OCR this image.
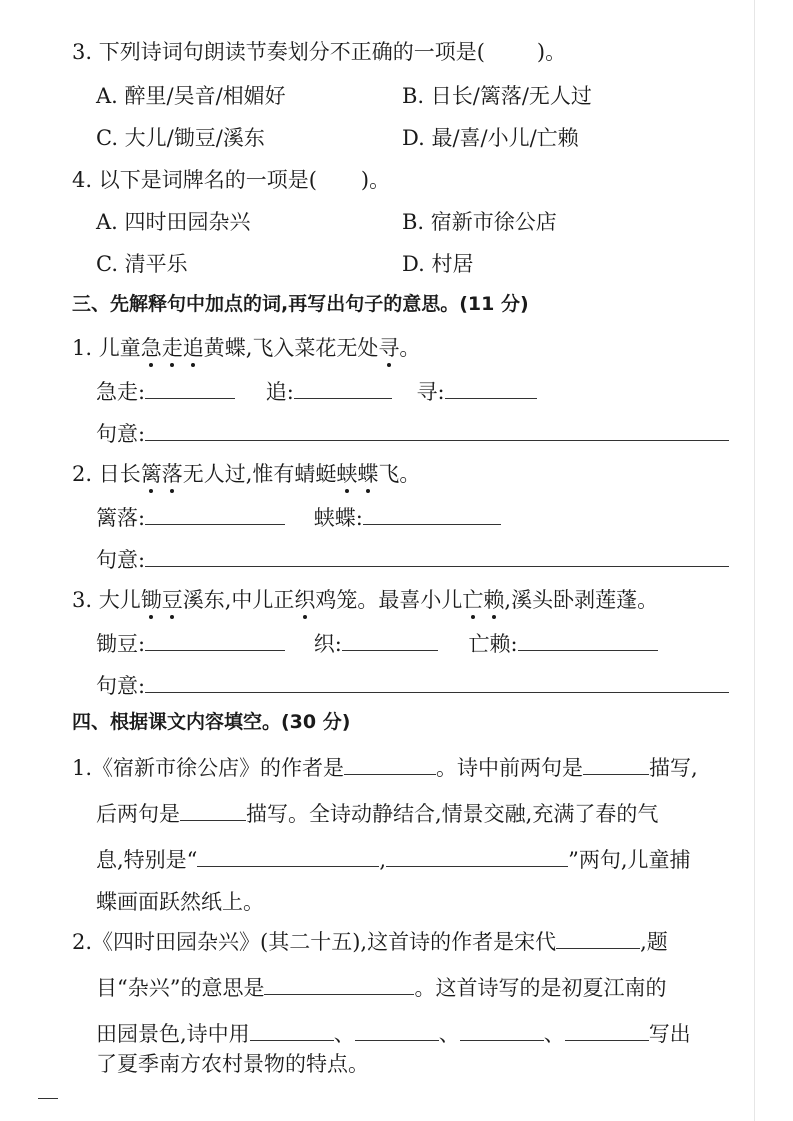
3. 下列诗词句朗读节奏划分不正确的一项是( )。
A. 醉里/吴音/相媚好	B. 日长/篱落/无人过
C. 大儿/锄豆/溪东	D. 最/喜/小儿/亡赖
4. 以下是词牌名的一项是( )。
A. 四时田园杂兴	B. 宿新市徐公店
C. 清平乐	D. 村居
三、先解释句中加点的词,再写出句子的意思。(11 分)
1. 儿童急走追黄蝶,飞入菜花无处寻。
急走:	追:	寻:
句意:
2. 日长篱落无人过,惟有蜻蜓蛱蝶飞。
篱落:	蛱蝶:
句意:
3. 大儿锄豆溪东,中儿正织鸡笼。最喜小儿亡赖,溪头卧剥莲蓬。
锄豆:	织:	亡赖:
句意:
四、根据课文内容填空。(30 分)
1.《宿新市徐公店》的作者是	。诗中前两句是	描写,
后两句是	描写。全诗动静结合,情景交融,充满了春的气
息,特别是“	,	”两句,儿童捕
蝶画面跃然纸上。
2.《四时田园杂兴》(其二十五),这首诗的作者是宋代	,题
目“杂兴”的意思是	。这首诗写的是初夏江南的
田园景色,诗中用	、	、	、	写出
了夏季南方农村景物的特点。
